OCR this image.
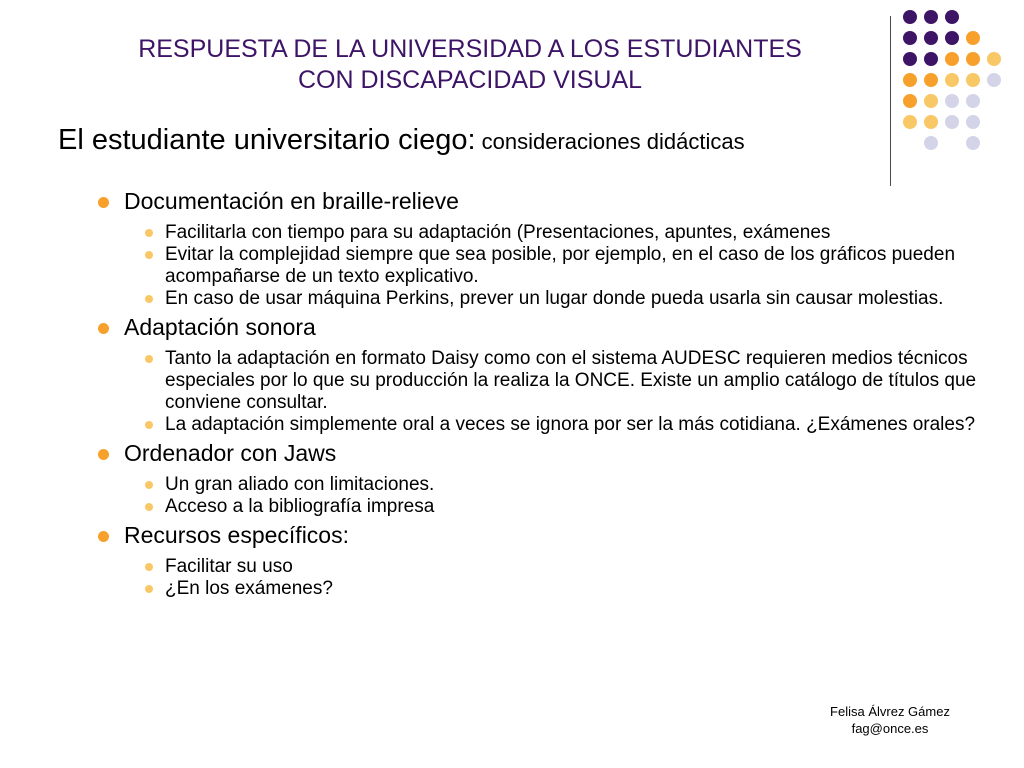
RESPUESTA DE LA UNIVERSIDAD A LOS ESTUDIANTES
CON DISCAPACIDAD VISUAL
El estudiante universitario ciego: consideraciones didácticas
Documentación en braille-relieve
Facilitarla con tiempo para su adaptación (Presentaciones, apuntes, exámenes
Evitar la complejidad siempre que sea posible, por ejemplo, en el caso de los gráficos pueden acompañarse de un texto explicativo.
En caso de usar máquina Perkins, prever un lugar donde pueda usarla sin causar molestias.
Adaptación sonora
Tanto la adaptación en formato Daisy como con el sistema AUDESC requieren medios técnicos especiales por lo que su producción la realiza la ONCE. Existe un amplio catálogo de títulos que conviene consultar.
La adaptación simplemente oral a veces se ignora por ser la más cotidiana. ¿Exámenes orales?
Ordenador con Jaws
Un gran aliado con limitaciones.
Acceso a la bibliografía impresa
Recursos específicos:
Facilitar su uso
¿En los exámenes?
Felisa Álvrez Gámez
fag@once.es
